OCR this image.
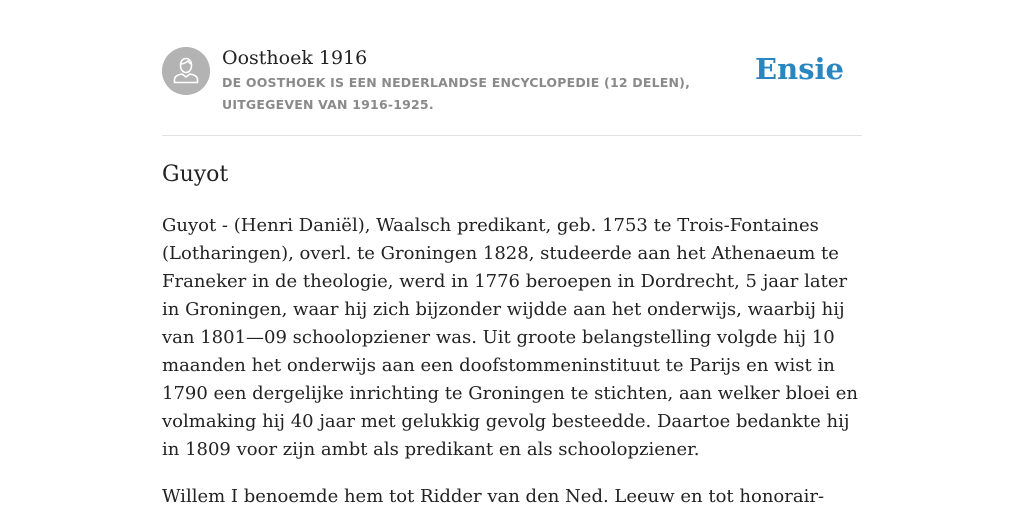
Oosthoek 1916
DE OOSTHOEK IS EEN NEDERLANDSE ENCYCLOPEDIE (12 DELEN), UITGEGEVEN VAN 1916-1925.
Ensie
Guyot

Guyot - (Henri Daniël), Waalsch predikant, geb. 1753 te Trois-Fontaines (Lotharingen), overl. te Groningen 1828, studeerde aan het Athenaeum te Franeker in de theologie, werd in 1776 beroepen in Dordrecht, 5 jaar later in Groningen, waar hij zich bijzonder wijdde aan het onderwijs, waarbij hij van 1801—09 schoolopziener was. Uit groote belangstelling volgde hij 10 maanden het onderwijs aan een doofstommeninstituut te Parijs en wist in 1790 een dergelijke inrichting te Groningen te stichten, aan welker bloei en volmaking hij 40 jaar met gelukkig gevolg besteedde. Daartoe bedankte hij in 1809 voor zijn ambt als predikant en als schoolopziener.

Willem I benoemde hem tot Ridder van den Ned. Leeuw en tot honorair-
